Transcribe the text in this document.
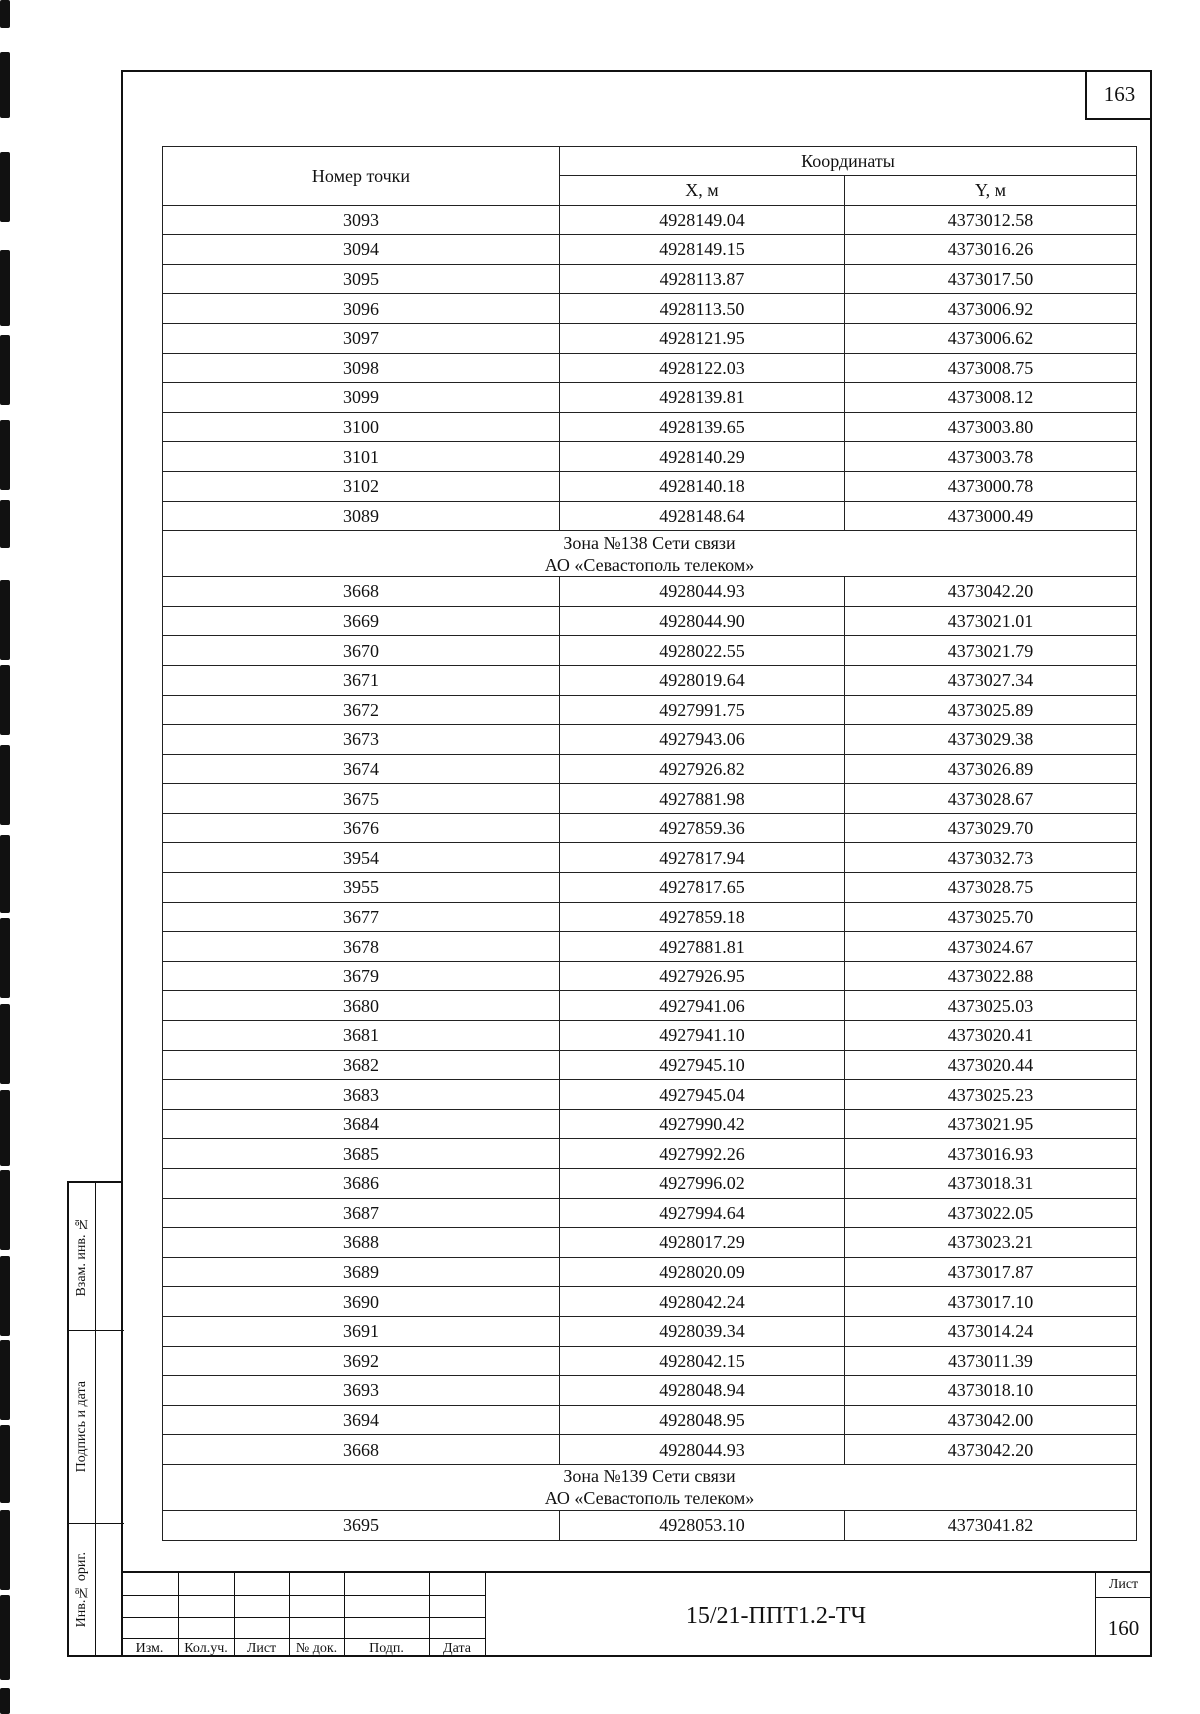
163
Номер точки	Координаты	
	X, м	Y, м
3093	4928149.04	4373012.58
3094	4928149.15	4373016.26
3095	4928113.87	4373017.50
3096	4928113.50	4373006.92
3097	4928121.95	4373006.62
3098	4928122.03	4373008.75
3099	4928139.81	4373008.12
3100	4928139.65	4373003.80
3101	4928140.29	4373003.78
3102	4928140.18	4373000.78
3089	4928148.64	4373000.49

Зона №138 Сети связи
АО «Севастополь телеком»		

3668	4928044.93	4373042.20
3669	4928044.90	4373021.01
3670	4928022.55	4373021.79
3671	4928019.64	4373027.34
3672	4927991.75	4373025.89
3673	4927943.06	4373029.38
3674	4927926.82	4373026.89
3675	4927881.98	4373028.67
3676	4927859.36	4373029.70
3954	4927817.94	4373032.73
3955	4927817.65	4373028.75
3677	4927859.18	4373025.70
3678	4927881.81	4373024.67
3679	4927926.95	4373022.88
3680	4927941.06	4373025.03
3681	4927941.10	4373020.41
3682	4927945.10	4373020.44
3683	4927945.04	4373025.23
3684	4927990.42	4373021.95
3685	4927992.26	4373016.93
3686	4927996.02	4373018.31
3687	4927994.64	4373022.05
3688	4928017.29	4373023.21
3689	4928020.09	4373017.87
3690	4928042.24	4373017.10
3691	4928039.34	4373014.24
3692	4928042.15	4373011.39
3693	4928048.94	4373018.10
3694	4928048.95	4373042.00
3668	4928044.93	4373042.20

Зона №139 Сети связи
АО «Севастополь телеком»		

3695	4928053.10	4373041.82
Взам. инв. №
Подпись и дата
Инв.№ ориг.
Изм.	Кол.уч.	Лист	№ док.	Подп.	Дата
15/21-ППТ1.2-ТЧ
Лист
160
